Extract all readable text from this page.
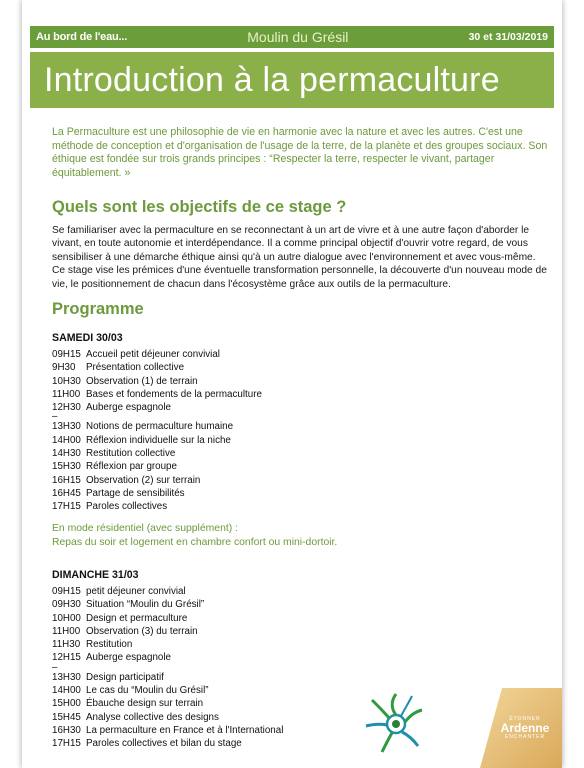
Au bord de l'eau...	Moulin du Grésil	30 et 31/03/2019
Introduction à la permaculture

La Permaculture est une philosophie de vie en harmonie avec la nature et avec les autres. C'est une méthode de conception et d'organisation de l'usage de la terre, de la planète et des groupes sociaux. Son éthique est fondée sur trois grands principes : “Respecter la terre, respecter le vivant, partager équitablement. »

Quels sont les objectifs de ce stage ?
Se familiariser avec la permaculture en se reconnectant à un art de vivre et à une autre façon d'aborder le vivant, en toute autonomie et interdépendance. Il a comme principal objectif d'ouvrir votre regard, de vous sensibiliser à une démarche éthique ainsi qu'à un autre dialogue avec l'environnement et avec vous-même.
Ce stage vise les prémices d'une éventuelle transformation personnelle, la découverte d'un nouveau mode de vie, le positionnement de chacun dans l'écosystème grâce aux outils de la permaculture.
Programme
SAMEDI 30/03
09H15 Accueil petit déjeuner convivial
9H30	Présentation collective
10H30 Observation (1) de terrain
11H00 Bases et fondements de la permaculture
12H30 Auberge espagnole
–
13H30 Notions de permaculture humaine
14H00 Réflexion individuelle sur la niche
14H30 Restitution collective
15H30 Réflexion par groupe
16H15 Observation (2) sur terrain
16H45 Partage de sensibilités
17H15 Paroles collectives
En mode résidentiel (avec supplément) :
Repas du soir et logement en chambre confort ou mini-dortoir.
DIMANCHE 31/03
09H15 petit déjeuner convivial
09H30 Situation “Moulin du Grésil”
10H00 Design et permaculture
11H00 Observation (3) du terrain
11H30 Restitution
12H15 Auberge espagnole
–
13H30 Design participatif
14H00 Le cas du “Moulin du Grésil”
15H00 Ébauche design sur terrain
15H45 Analyse collective des designs
16H30 La permaculture en France et à l'International
17H15 Paroles collectives et bilan du stage
ÉTONNER
Ardenne
ENCHANTER
